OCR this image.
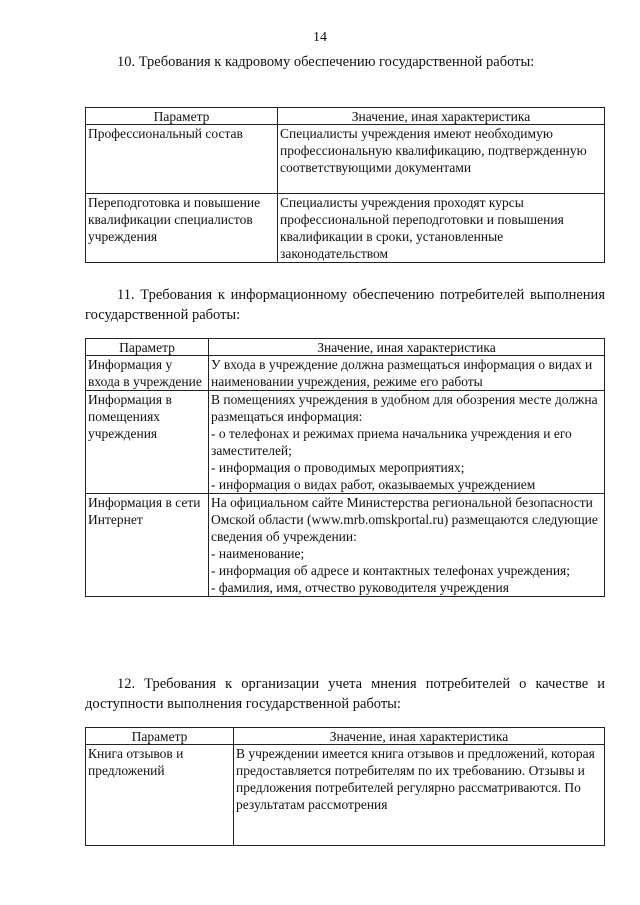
14
10. Требования к кадровому обеспечению государственной работы:
Параметр	Значение, иная характеристика
Профессиональный состав	Специалисты учреждения имеют необходимую профессиональную квалификацию, подтвержденную соответствующими документами
Переподготовка и повышение квалификации специалистов учреждения	Специалисты учреждения проходят курсы профессиональной переподготовки и повышения квалификации в сроки, установленные законодательством
11. Требования к информационному обеспечению потребителей выполнения государственной работы:
Параметр	Значение, иная характеристика
Информация у входа в учреждение	У входа в учреждение должна размещаться информация о видах и наименовании учреждения, режиме его работы

Информация в помещениях учреждения	В помещениях учреждения в удобном для обозрения месте должна размещаться информация:
- о телефонах и режимах приема начальника учреждения и его заместителей;
- информация о проводимых мероприятиях;
- информация о видах работ, оказываемых учреждением

Информация в сети Интернет	На официальном сайте Министерства региональной безопасности Омской области (www.mrb.omskportal.ru) размещаются следующие сведения об учреждении:
- наименование;
- информация об адресе и контактных телефонах учреждения;
- фамилия, имя, отчество руководителя учреждения
12. Требования к организации учета мнения потребителей о качестве и доступности выполнения государственной работы:
Параметр	Значение, иная характеристика
Книга отзывов и предложений	В учреждении имеется книга отзывов и предложений, которая предоставляется потребителям по их требованию. Отзывы и предложения потребителей регулярно рассматриваются. По результатам рассмотрения
